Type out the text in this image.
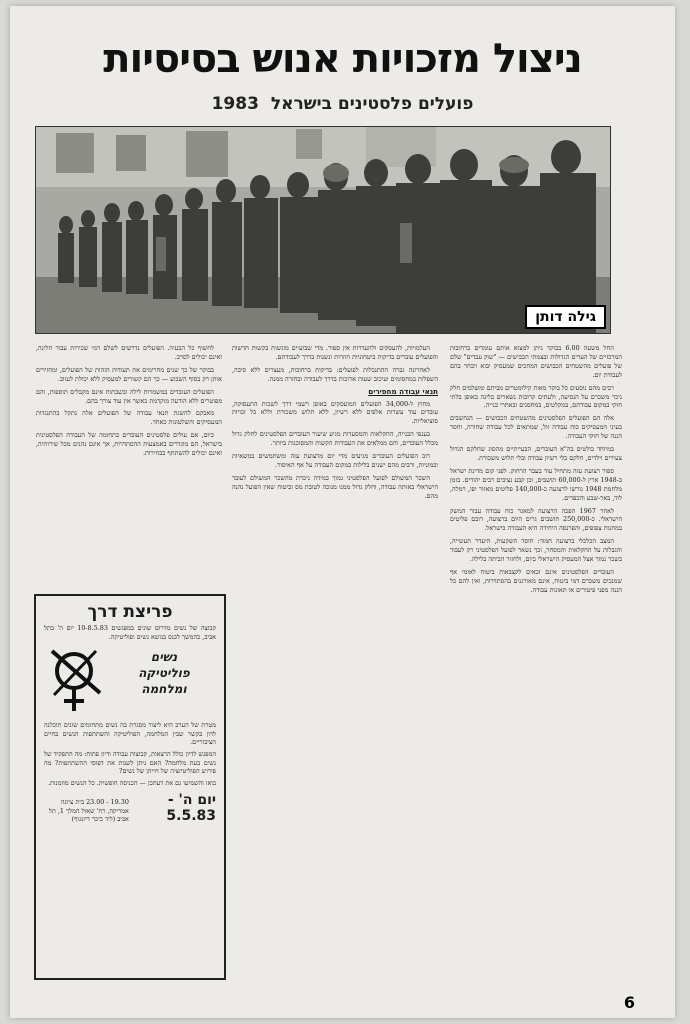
ניצול מזכויות אנוש בסיסיות
פועלים פלסטינים בישראל 1983
גילה דותן

החל משעה 6.00 בבוקר ניתן למצוא אותם עומדים ברחובות המרכזיים של הערים הגדולות ובצמתי הכבישים — "שוק עבדים" שלם של פועלים מהשטחים הכבושים המחכים שמעסיק יבוא ויבחר בהם לעבודת יום.

רבים מהם נוסעים כל בוקר מאות קילומטרים מביתם ומשלמים חלק ניכר משכרם על הנסיעה, ולעתים קרובות נשארים בלינה באופן בלתי חוקי במקום עבודתם, במקלטים, במחסנים ובאתרי בנייה.

אלה הם הפועלים הפלסטינים מהשטחים הכבושים — הנחשבים בעיני המעסיקים כוח עבודה זול, שמתאים לכל עבודה שחורה, וחסר הגנה של חוקי העבודה.

במיוחד בולטים בה"א העובדים, הבעייתיים מהסוג שחלקם הגדול צעירים וילדים, חלקם בלי רשיון עבודה ובלי תלוש משכורת.

ספור רצועת עזה מתחיל עוד בעבר הרחוק. לפני קום מדינת ישראל ב-1948 ארץ ל-60,000 תושבים, וכן קבע נציבים רבים יהודים. בזמן מלחמת 1948 גורשו לרצועה כ-140,000 פליטים מאזור יפו, רמלה, לוד, באר-שבע והכפרים.

לאחר 1967 הפכה הרצועה למאגר כוח עבודה עבור המשק הישראלי. כ-250,000 תושבים גרים היום ברצועה, רובם פליטים במחנות צפופים, והפרנסה היחידה היא העבודה בישראל.

המצב הכלכלי ברצועה חמור: חוסר השקעות, היעדר תעשייה, והגבלות על החקלאות והמסחר, וכך נשאר לפועל הפלסטיני רק לעבוד בשכר נמוך אצל המעסיק הישראלי ביום, ולחזור הביתה בלילה.

העובדים הפלסטינים אינם זכאים לקצבאות ביטוח לאומי אף שמנכים משכרם דמי ביטוח, אינם מאורגנים בהסתדרות, ואין להם כל הגנה מפני פיטורים או תאונות עבודה.

העלמויות, להעסקים ולהעדרות אין ספור. מדי שבועיים מוגשות בקשות חדשות והפועלים עוברים בדיקות ביטחוניות חוזרות ונשנות בדרך לעבודתם.

לאחרונה גברה ההתנכלות לפועלים: בדיקות ברחובות, מעצרים ללא סיבה, השפלות במחסומים ועיכוב שעות ארוכות בדרך לעבודה ובחזרה ממנה.

תנאי עבודה מחפירים

מחוץ ל-34,000 הפועלים המועסקים באופן רשמי דרך לשכות התעסוקה, עובדים עוד עשרות אלפים ללא רשיון, ללא תלוש משכורת וללא כל זכויות סוציאליות.

בענפי הבנייה, החקלאות והמסעדות מגיע שיעור העובדים הפלסטינים לחלק גדול מכלל העובדים, והם ממלאים את העבודות הקשות והמסוכנות ביותר.

רוב הפועלים העובדים מגיעים מדי יום מרצועת עזה ומשתמשים במשאיות ובמוניות, ורבים מהם ישנים בלילות במקום העבודה על אף האיסור.

השכר המשולם לפועל הפלסטיני נמוך במידה ניכרת מהשכר המשולם לעובד הישראלי באותה עבודה, וחלק גדול ממנו מנוכה לטובת מס וביטוח שאין הפועל נהנה מהם.

לחשוף כל הבעיה. הפועלים נדרשים לשלם דמי שכירות עבור הלינה, ואינם יכולים לסרב.

בבוקר של כך שנים מחרימים את תעודות הזהות של הפועלים, ומחזירים אותן רק בסוף השבוע — כך הם קשורים למעסיק ללא יכולת לעזוב.

הפועלים העובדים במשמרות לילה ובשבתות אינם מקבלים תוספות, והם מפוטרים ללא הודעה מוקדמת כאשר אין עוד צורך בהם.

מאבקם להשגת תנאי עבודה של הפועלים אלה נתקל בהתנגדות המעסיקים והשלטונות כאחד.

כיום, אם עולים פלסטינים העובדים בתחומה של העבודה הפלסטינית בישראל, הם מוגדרים באמצעות ההסתדרות, אך אינם נהנים מכל שירותיה, ואינם יכולים להשתתף בבחירות.

פריצת דרך
קבוצה של נשים מדרום שונים במפגשים 10-8.5.83 יום ה' בתל אביב, כהמשך לכנס בנושא נשים ופוליטיקה.
נשים
פוליטיקה
ומלחמה

מטרת של הערב היא ליצור מסגרת בה נשים מתחומים שונים תוכלנה לדון בקשר שבין המלחמה, הפוליטיקה והשתתפות הנשים בחיים הציבוריים.

המפגש לדיון כולל הרצאות, קבוצות עבודה ודיון פתוח: מה התפקיד של נשים בעת מלחמה? האם ניתן לשנות את דפוסי ההשתתפות? מה פירוש הפוליטיזציה של חייהן של נשים?

בואו והשמיעו גם את דעתכן — הכניסה חופשית. כל הנשים מוזמנות.

יום ה' - 5.5.83
19.30 - 23.00 בית ציונה אמריקה, רח' שאול המלך 1, תל אביב (ליד כיכר דיזנגוף)
6
